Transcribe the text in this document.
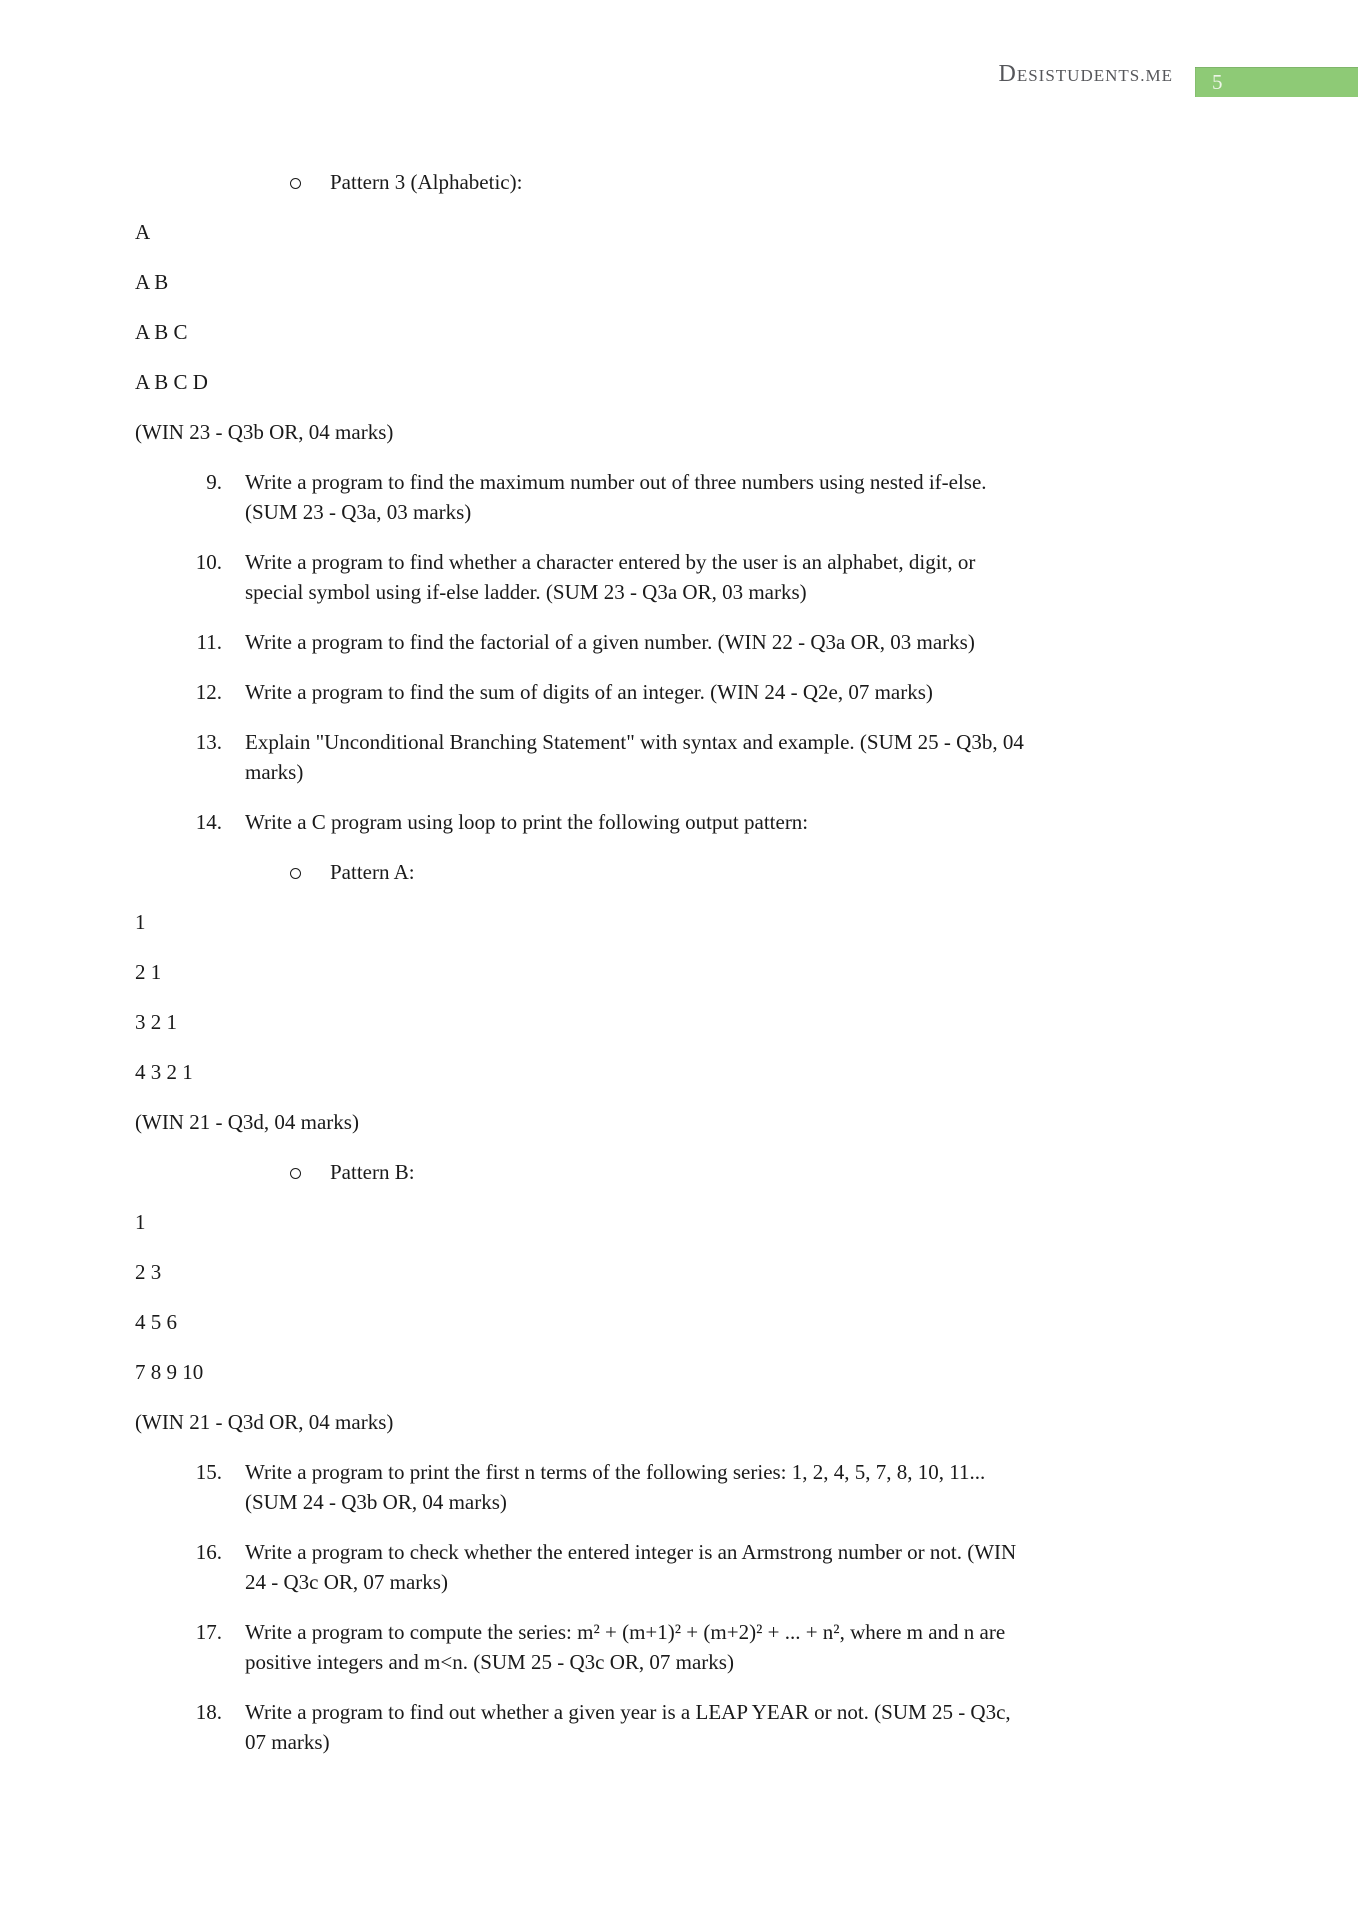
DESISTUDENTS.ME	5
Pattern 3 (Alphabetic):
A
A B
A B C
A B C D
(WIN 23 - Q3b OR, 04 marks)
9. Write a program to find the maximum number out of three numbers using nested if-else.
(SUM 23 - Q3a, 03 marks)
10. Write a program to find whether a character entered by the user is an alphabet, digit, or
special symbol using if-else ladder. (SUM 23 - Q3a OR, 03 marks)
11. Write a program to find the factorial of a given number. (WIN 22 - Q3a OR, 03 marks)
12. Write a program to find the sum of digits of an integer. (WIN 24 - Q2e, 07 marks)
13. Explain "Unconditional Branching Statement" with syntax and example. (SUM 25 - Q3b, 04
marks)
14. Write a C program using loop to print the following output pattern:
Pattern A:
1
2 1
3 2 1
4 3 2 1
(WIN 21 - Q3d, 04 marks)
Pattern B:
1
2 3
4 5 6
7 8 9 10
(WIN 21 - Q3d OR, 04 marks)
15. Write a program to print the first n terms of the following series: 1, 2, 4, 5, 7, 8, 10, 11...
(SUM 24 - Q3b OR, 04 marks)
16. Write a program to check whether the entered integer is an Armstrong number or not. (WIN
24 - Q3c OR, 07 marks)
17. Write a program to compute the series: m² + (m+1)² + (m+2)² + ... + n², where m and n are
positive integers and m<n. (SUM 25 - Q3c OR, 07 marks)
18. Write a program to find out whether a given year is a LEAP YEAR or not. (SUM 25 - Q3c,
07 marks)
